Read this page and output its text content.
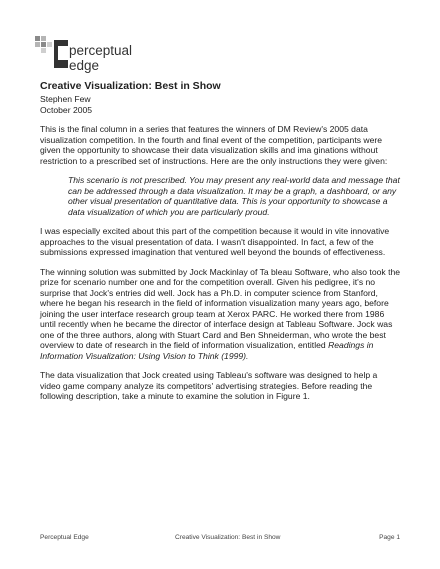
perceptual
edge
Creative Visualization: Best in Show
Stephen Few
October 2005

This is the final column in a series that features the winners of DM Review's 2005 data visualization competition. In the fourth and final event of the competition, participants were given the opportunity to showcase their data visualization skills and ima ginations without restriction to a prescribed set of instructions. Here are the only instructions they were given:

This scenario is not prescribed. You may present any real-world data and message that can be addressed through a data visualization. It may be a graph, a dashboard, or any other visual presentation of quantitative data. This is your opportunity to showcase a data visualization of which you are particularly proud.

I was especially excited about this part of the competition because it would in vite innovative approaches to the visual presentation of data. I wasn't disappointed. In fact, a few of the submissions expressed imagination that ventured well beyond the bounds of effectiveness.

The winning solution was submitted by Jock Mackinlay of Ta bleau Software, who also took the prize for scenario number one and for the competition overall. Given his pedigree, it's no surprise that Jock's entries did well. Jock has a Ph.D. in computer science from Stanford, where he began his research in the field of information visualization many years ago, before joining the user interface research group team at Xerox PARC. He worked there from 1986 until recently when he became the director of interface design at Tableau Software. Jock was one of the three authors, along with Stuart Card and Ben Shneiderman, who wrote the best overview to date of research in the field of information visualization, entitled Readings in Information Visualization: Using Vision to Think (1999).

The data visualization that Jock created using Tableau's software was designed to help a video game company analyze its competitors' advertising strategies. Before reading the following description, take a minute to examine the solution in Figure 1.

Perceptual Edge	Creative Visualization: Best in Show	Page 1
